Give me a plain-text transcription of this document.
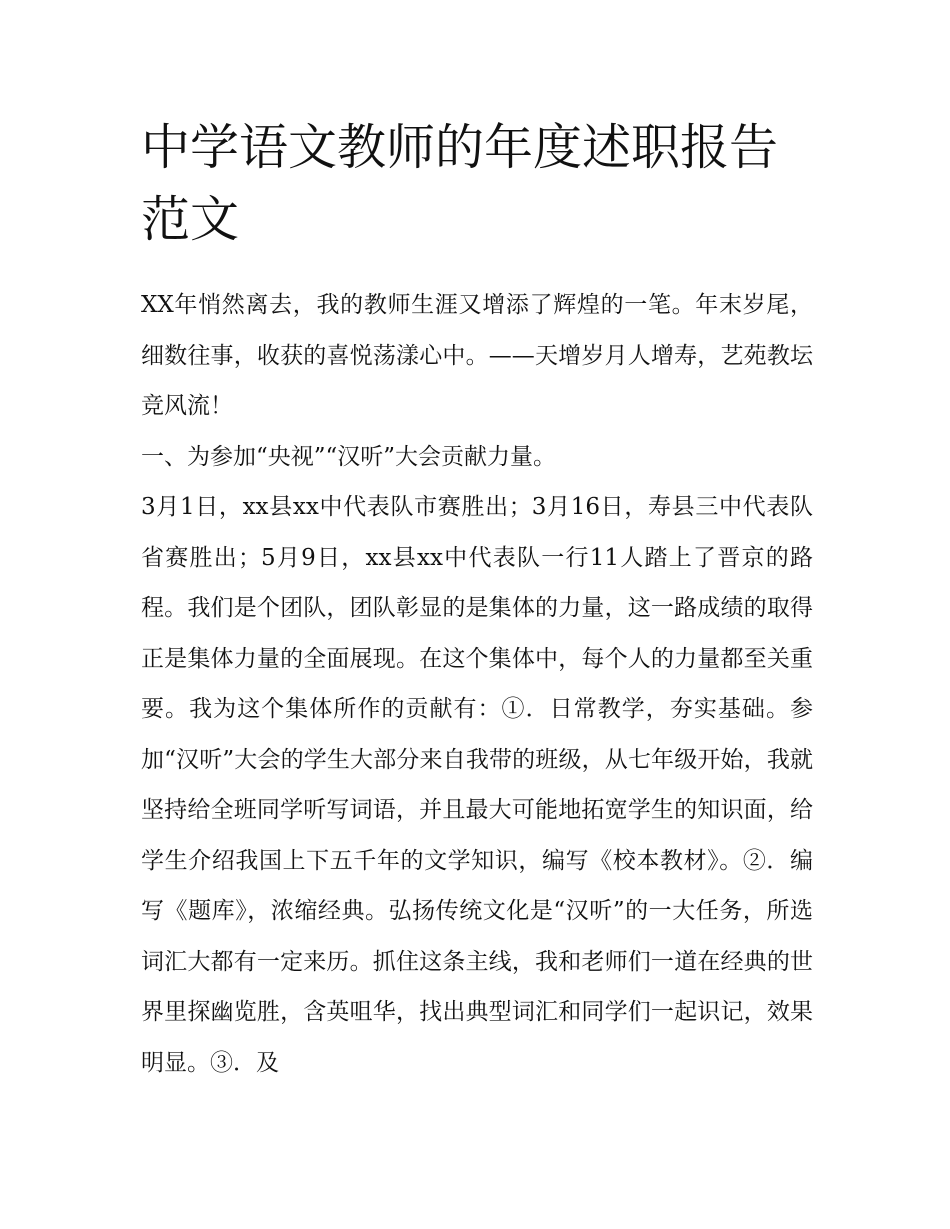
中学语文教师的年度述职报告范文

XX年悄然离去，我的教师生涯又增添了辉煌的一笔。年末岁尾，细数往事，收获的喜悦荡漾心中。——天增岁月人增寿，艺苑教坛竞风流！

一、为参加“央视”“汉听”大会贡献力量。

3月1日，xx县xx中代表队市赛胜出；3月16日，寿县三中代表队省赛胜出；5月9日，xx县xx中代表队一行11人踏上了晋京的路程。我们是个团队，团队彰显的是集体的力量，这一路成绩的取得正是集体力量的全面展现。在这个集体中，每个人的力量都至关重要。我为这个集体所作的贡献有：①．日常教学，夯实基础。参加“汉听”大会的学生大部分来自我带的班级，从七年级开始，我就坚持给全班同学听写词语，并且最大可能地拓宽学生的知识面，给学生介绍我国上下五千年的文学知识，编写《校本教材》。②．编写《题库》，浓缩经典。弘扬传统文化是“汉听”的一大任务，所选词汇大都有一定来历。抓住这条主线，我和老师们一道在经典的世界里探幽览胜，含英咀华，找出典型词汇和同学们一起识记，效果明显。③．及
